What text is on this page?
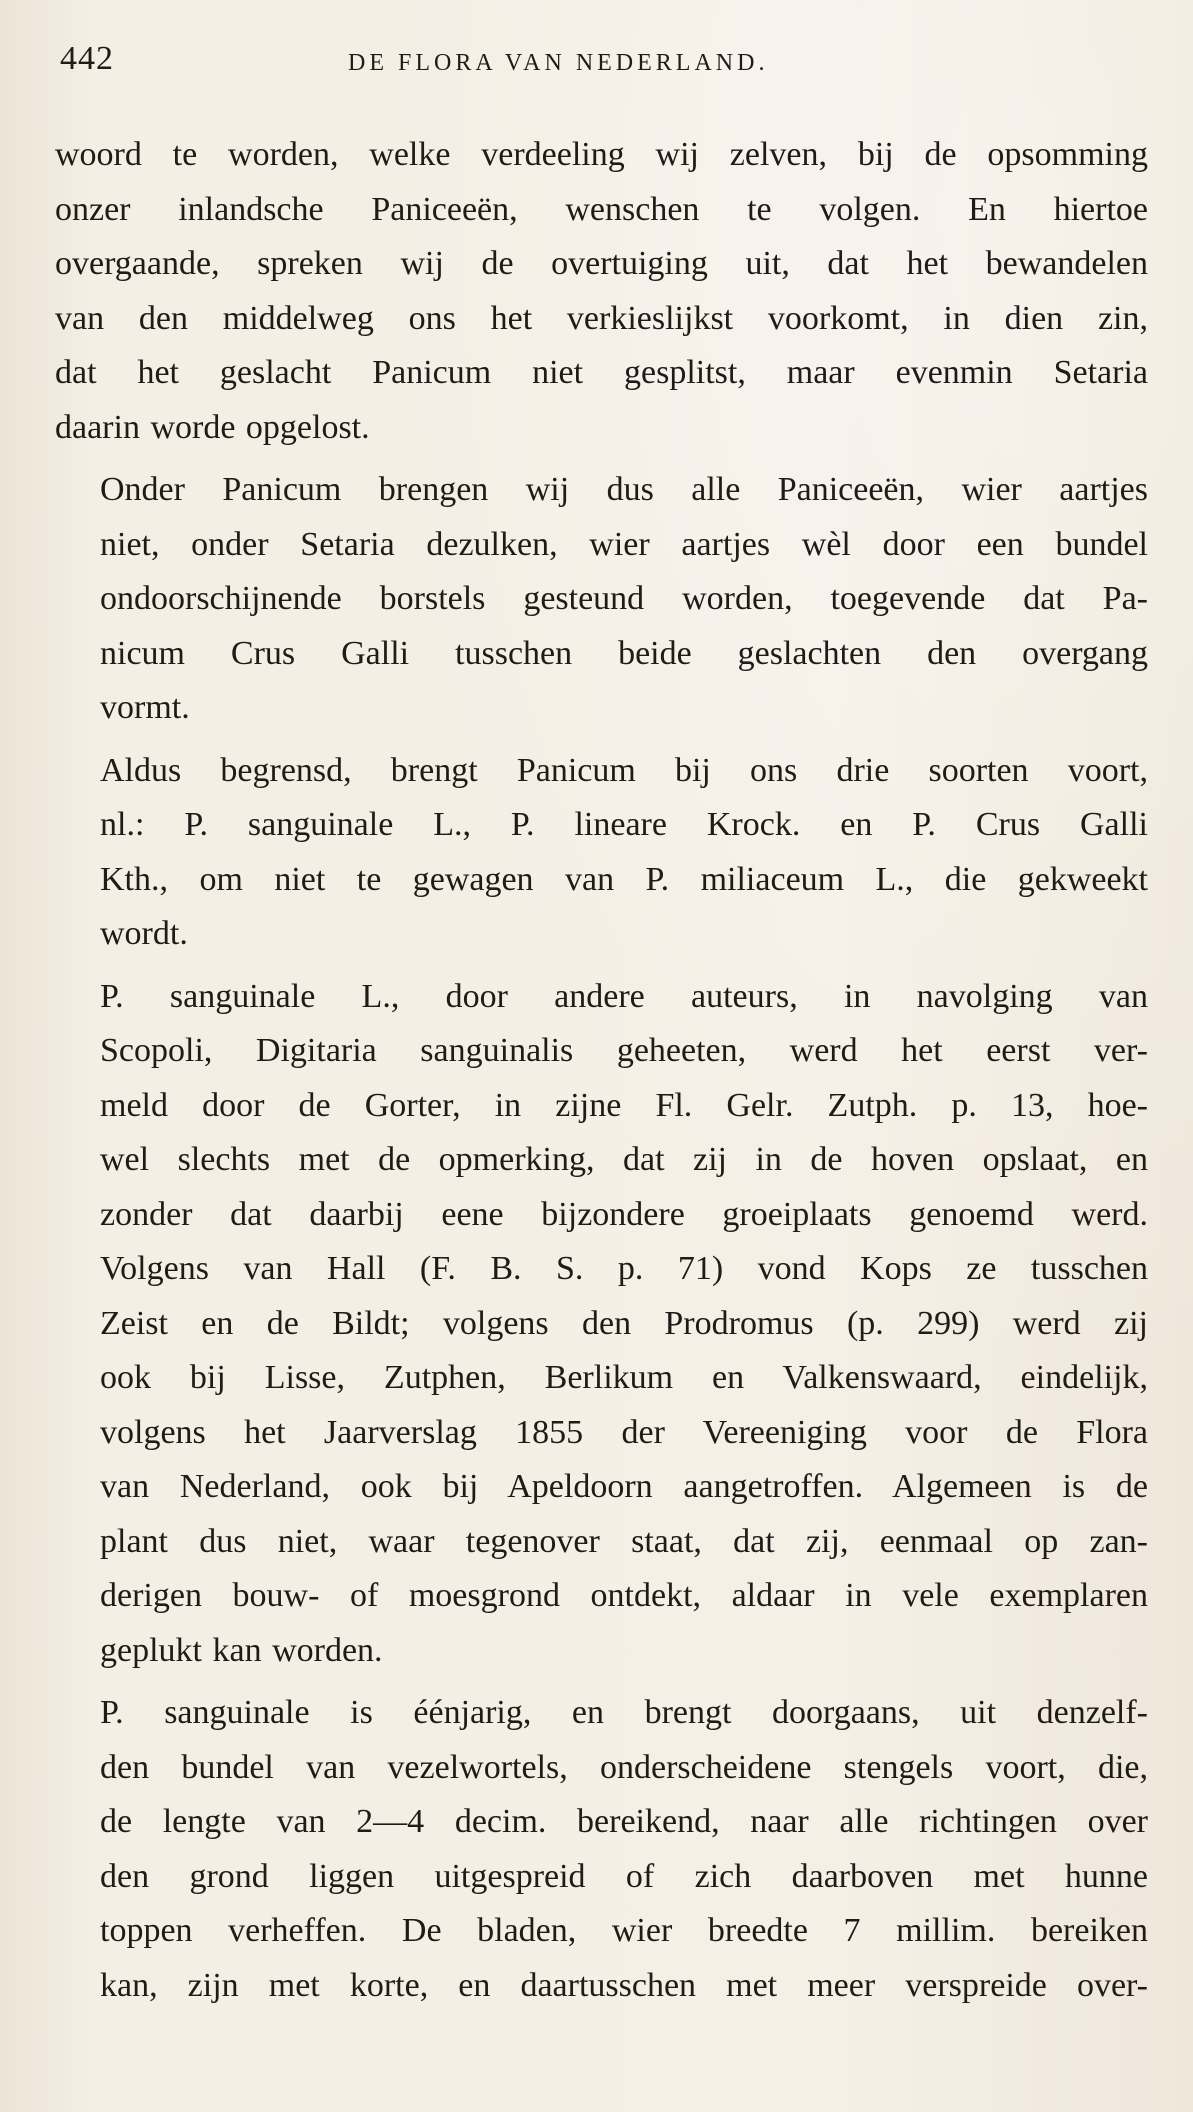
442	DE FLORA VAN NEDERLAND.

woord te worden, welke verdeeling wij zelven, bij de opsomming
onzer inlandsche Paniceeën, wenschen te volgen. En hiertoe
overgaande, spreken wij de overtuiging uit, dat het bewandelen
van den middelweg ons het verkieslijkst voorkomt, in dien zin,
dat het geslacht Panicum niet gesplitst, maar evenmin Setaria
daarin worde opgelost.

Onder Panicum brengen wij dus alle Paniceeën, wier aartjes
niet, onder Setaria dezulken, wier aartjes wèl door een bundel
ondoorschijnende borstels gesteund worden, toegevende dat Pa-
nicum Crus Galli tusschen beide geslachten den overgang
vormt.

Aldus begrensd, brengt Panicum bij ons drie soorten voort,
nl.: P. sanguinale L., P. lineare Krock. en P. Crus Galli
Kth., om niet te gewagen van P. miliaceum L., die gekweekt
wordt.

P. sanguinale L., door andere auteurs, in navolging van
Scopoli, Digitaria sanguinalis geheeten, werd het eerst ver-
meld door de Gorter, in zijne Fl. Gelr. Zutph. p. 13, hoe-
wel slechts met de opmerking, dat zij in de hoven opslaat, en
zonder dat daarbij eene bijzondere groeiplaats genoemd werd.
Volgens van Hall (F. B. S. p. 71) vond Kops ze tusschen
Zeist en de Bildt; volgens den Prodromus (p. 299) werd zij
ook bij Lisse, Zutphen, Berlikum en Valkenswaard, eindelijk,
volgens het Jaarverslag 1855 der Vereeniging voor de Flora
van Nederland, ook bij Apeldoorn aangetroffen. Algemeen is de
plant dus niet, waar tegenover staat, dat zij, eenmaal op zan-
derigen bouw- of moesgrond ontdekt, aldaar in vele exemplaren
geplukt kan worden.

P. sanguinale is éénjarig, en brengt doorgaans, uit denzelf-
den bundel van vezelwortels, onderscheidene stengels voort, die,
de lengte van 2—4 decim. bereikend, naar alle richtingen over
den grond liggen uitgespreid of zich daarboven met hunne
toppen verheffen. De bladen, wier breedte 7 millim. bereiken
kan, zijn met korte, en daartusschen met meer verspreide over-
